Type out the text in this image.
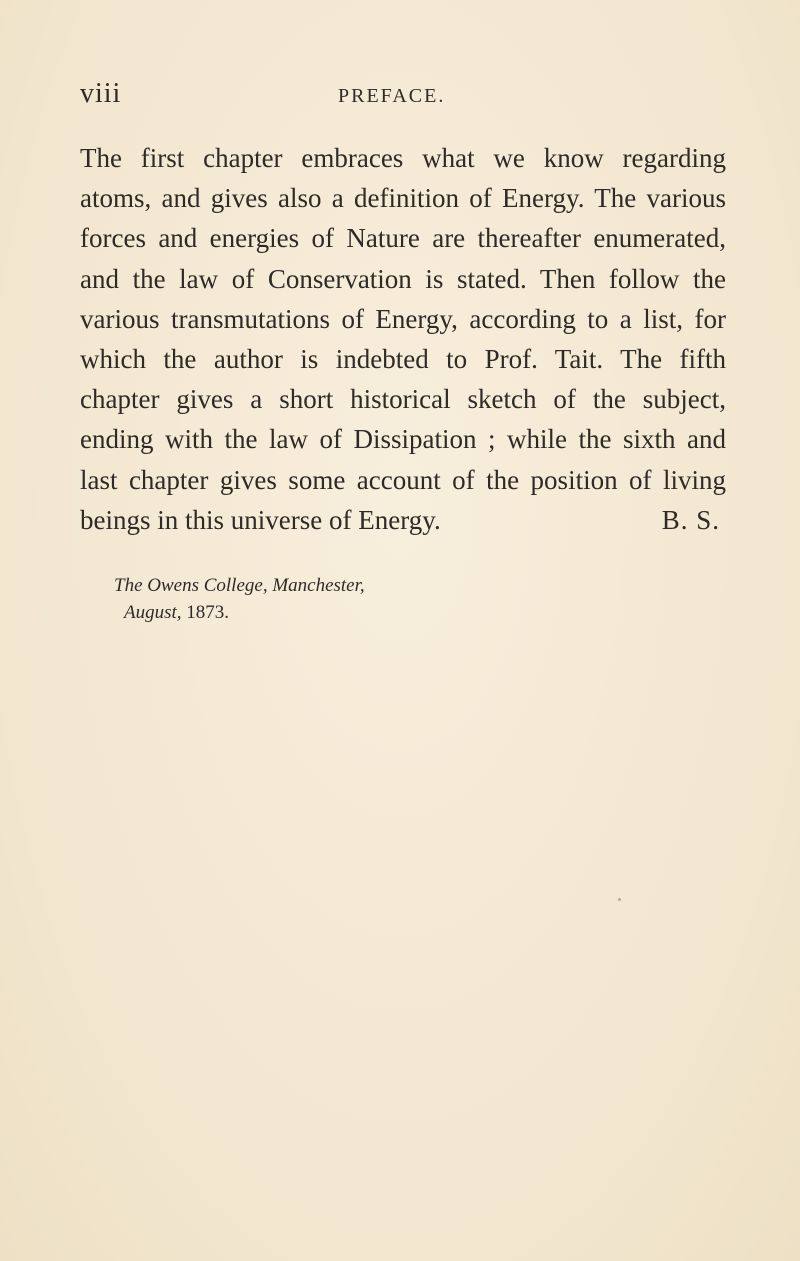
viii	PREFACE.
The first chapter embraces what we know regarding
atoms, and gives also a definition of Energy. The various
forces and energies of Nature are thereafter enumerated,
and the law of Conservation is stated. Then follow the
various transmutations of Energy, according to a list, for
which the author is indebted to Prof. Tait. The fifth
chapter gives a short historical sketch of the subject,
ending with the law of Dissipation ; while the sixth and
last chapter gives some account of the position of living
beings in this universe of Energy.	B. S.
The Owens College, Manchester,
August, 1873.
